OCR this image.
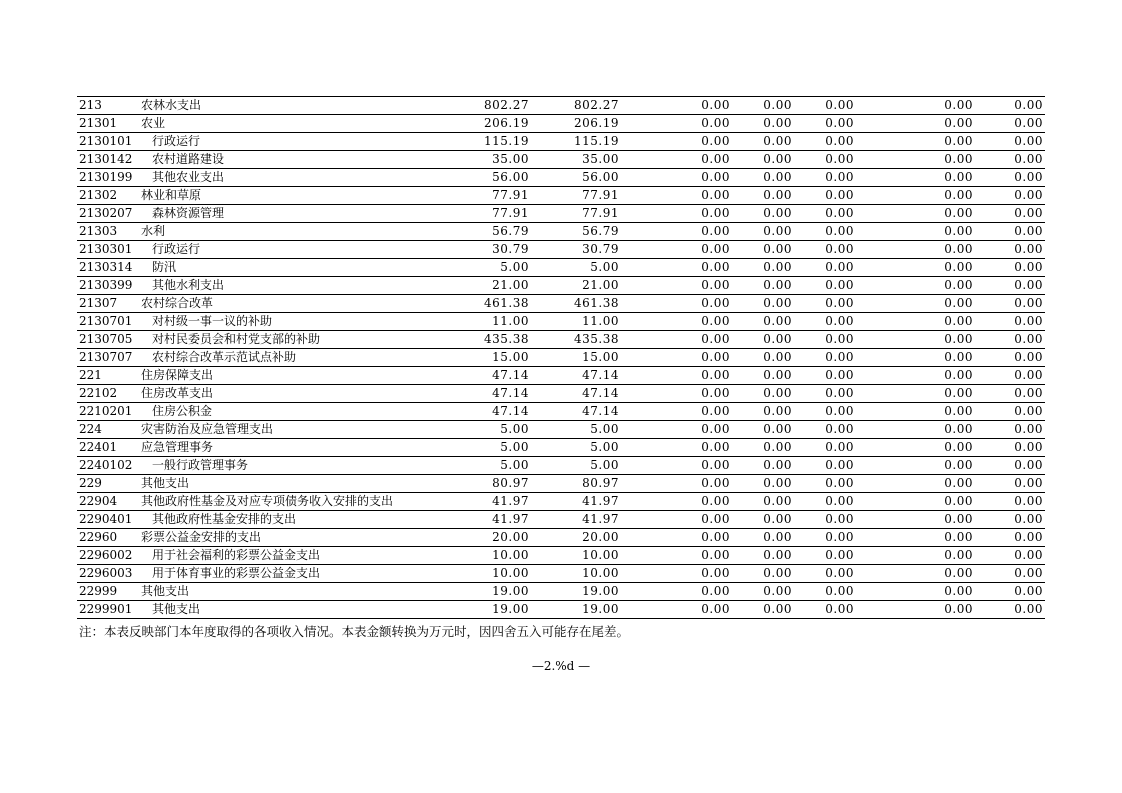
213	农林水支出	802.27	802.27	0.00	0.00	0.00	0.00	0.00
21301	农业	206.19	206.19	0.00	0.00	0.00	0.00	0.00
2130101	行政运行	115.19	115.19	0.00	0.00	0.00	0.00	0.00
2130142	农村道路建设	35.00	35.00	0.00	0.00	0.00	0.00	0.00
2130199	其他农业支出	56.00	56.00	0.00	0.00	0.00	0.00	0.00
21302	林业和草原	77.91	77.91	0.00	0.00	0.00	0.00	0.00
2130207	森林资源管理	77.91	77.91	0.00	0.00	0.00	0.00	0.00
21303	水利	56.79	56.79	0.00	0.00	0.00	0.00	0.00
2130301	行政运行	30.79	30.79	0.00	0.00	0.00	0.00	0.00
2130314	防汛	5.00	5.00	0.00	0.00	0.00	0.00	0.00
2130399	其他水利支出	21.00	21.00	0.00	0.00	0.00	0.00	0.00
21307	农村综合改革	461.38	461.38	0.00	0.00	0.00	0.00	0.00
2130701	对村级一事一议的补助	11.00	11.00	0.00	0.00	0.00	0.00	0.00
2130705	对村民委员会和村党支部的补助	435.38	435.38	0.00	0.00	0.00	0.00	0.00
2130707	农村综合改革示范试点补助	15.00	15.00	0.00	0.00	0.00	0.00	0.00
221	住房保障支出	47.14	47.14	0.00	0.00	0.00	0.00	0.00
22102	住房改革支出	47.14	47.14	0.00	0.00	0.00	0.00	0.00
2210201	住房公积金	47.14	47.14	0.00	0.00	0.00	0.00	0.00
224	灾害防治及应急管理支出	5.00	5.00	0.00	0.00	0.00	0.00	0.00
22401	应急管理事务	5.00	5.00	0.00	0.00	0.00	0.00	0.00
2240102	一般行政管理事务	5.00	5.00	0.00	0.00	0.00	0.00	0.00
229	其他支出	80.97	80.97	0.00	0.00	0.00	0.00	0.00
22904	其他政府性基金及对应专项债务收入安排的支出	41.97	41.97	0.00	0.00	0.00	0.00	0.00
2290401	其他政府性基金安排的支出	41.97	41.97	0.00	0.00	0.00	0.00	0.00
22960	彩票公益金安排的支出	20.00	20.00	0.00	0.00	0.00	0.00	0.00
2296002	用于社会福利的彩票公益金支出	10.00	10.00	0.00	0.00	0.00	0.00	0.00
2296003	用于体育事业的彩票公益金支出	10.00	10.00	0.00	0.00	0.00	0.00	0.00
22999	其他支出	19.00	19.00	0.00	0.00	0.00	0.00	0.00
2299901	其他支出	19.00	19.00	0.00	0.00	0.00	0.00	0.00
注：本表反映部门本年度取得的各项收入情况。本表金额转换为万元时，因四舍五入可能存在尾差。
—2.%d —
